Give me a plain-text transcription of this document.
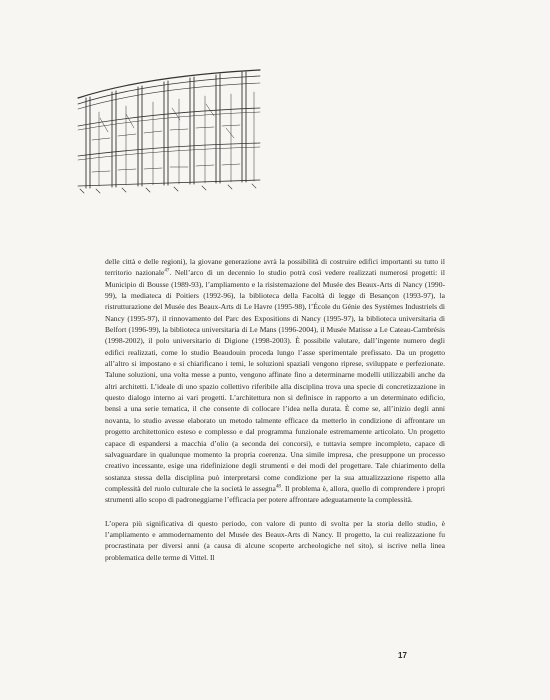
delle città e delle regioni), la giovane generazione avrà la possibilità di costruire edifici importanti su tutto il territorio nazionale$^{47}$. Nell’arco di un decennio lo studio potrà così vedere realizzati numerosi progetti: il Municipio di Bousse (1989-93), l’ampliamento e la risistemazione del Musée des Beaux-Arts di Nancy (1990-99), la mediateca di Poitiers (1992-96), la biblioteca della Facoltà di legge di Besançon (1993-97), la ristrutturazione del Musée des Beaux-Arts di Le Havre (1995-98), l’École du Génie des Systèmes Industriels di Nancy (1995-97), il rinnovamento del Parc des Expositions di Nancy (1995-97), la biblioteca universitaria di Belfort (1996-99), la biblioteca universitaria di Le Mans (1996-2004), il Musée Matisse a Le Cateau-Cambrésis (1998-2002), il polo universitario di Digione (1998-2003). È possibile valutare, dall’ingente numero degli edifici realizzati, come lo studio Beaudouin proceda lungo l’asse sperimentale prefissato. Da un progetto all’altro si impostano e si chiarificano i temi, le soluzioni spaziali vengono riprese, sviluppate e perfezionate. Talune soluzioni, una volta messe a punto, vengono affinate fino a determinarne modelli utilizzabili anche da altri architetti. L’ideale di uno spazio collettivo riferibile alla disciplina trova una specie di concretizzazione in questo dialogo interno ai vari progetti. L’architettura non si definisce in rapporto a un determinato edificio, bensì a una serie tematica, il che consente di collocare l’idea nella durata. È come se, all’inizio degli anni novanta, lo studio avesse elaborato un metodo talmente efficace da metterlo in condizione di affrontare un progetto architettonico esteso e complesso e dal programma funzionale estremamente articolato. Un progetto capace di espandersi a macchia d’olio (a seconda dei concorsi), e tuttavia sempre incompleto, capace di salvaguardare in qualunque momento la propria coerenza. Una simile impresa, che presuppone un processo creativo incessante, esige una ridefinizione degli strumenti e dei modi del progettare. Tale chiarimento della sostanza stessa della disciplina può interpretarsi come condizione per la sua attualizzazione rispetto alla complessità del ruolo culturale che la società le assegna$^{48}$. Il problema è, allora, quello di comprendere i propri strumenti allo scopo di padroneggiarne l’efficacia per potere affrontare adeguatamente la complessità.

L’opera più significativa di questo periodo, con valore di punto di svolta per la storia dello studio, è l’ampliamento e ammodernamento del Musée des Beaux-Arts di Nancy. Il progetto, la cui realizzazione fu procrastinata per diversi anni (a causa di alcune scoperte archeologiche nel sito), si iscrive nella linea problematica delle terme di Vittel. Il

17
